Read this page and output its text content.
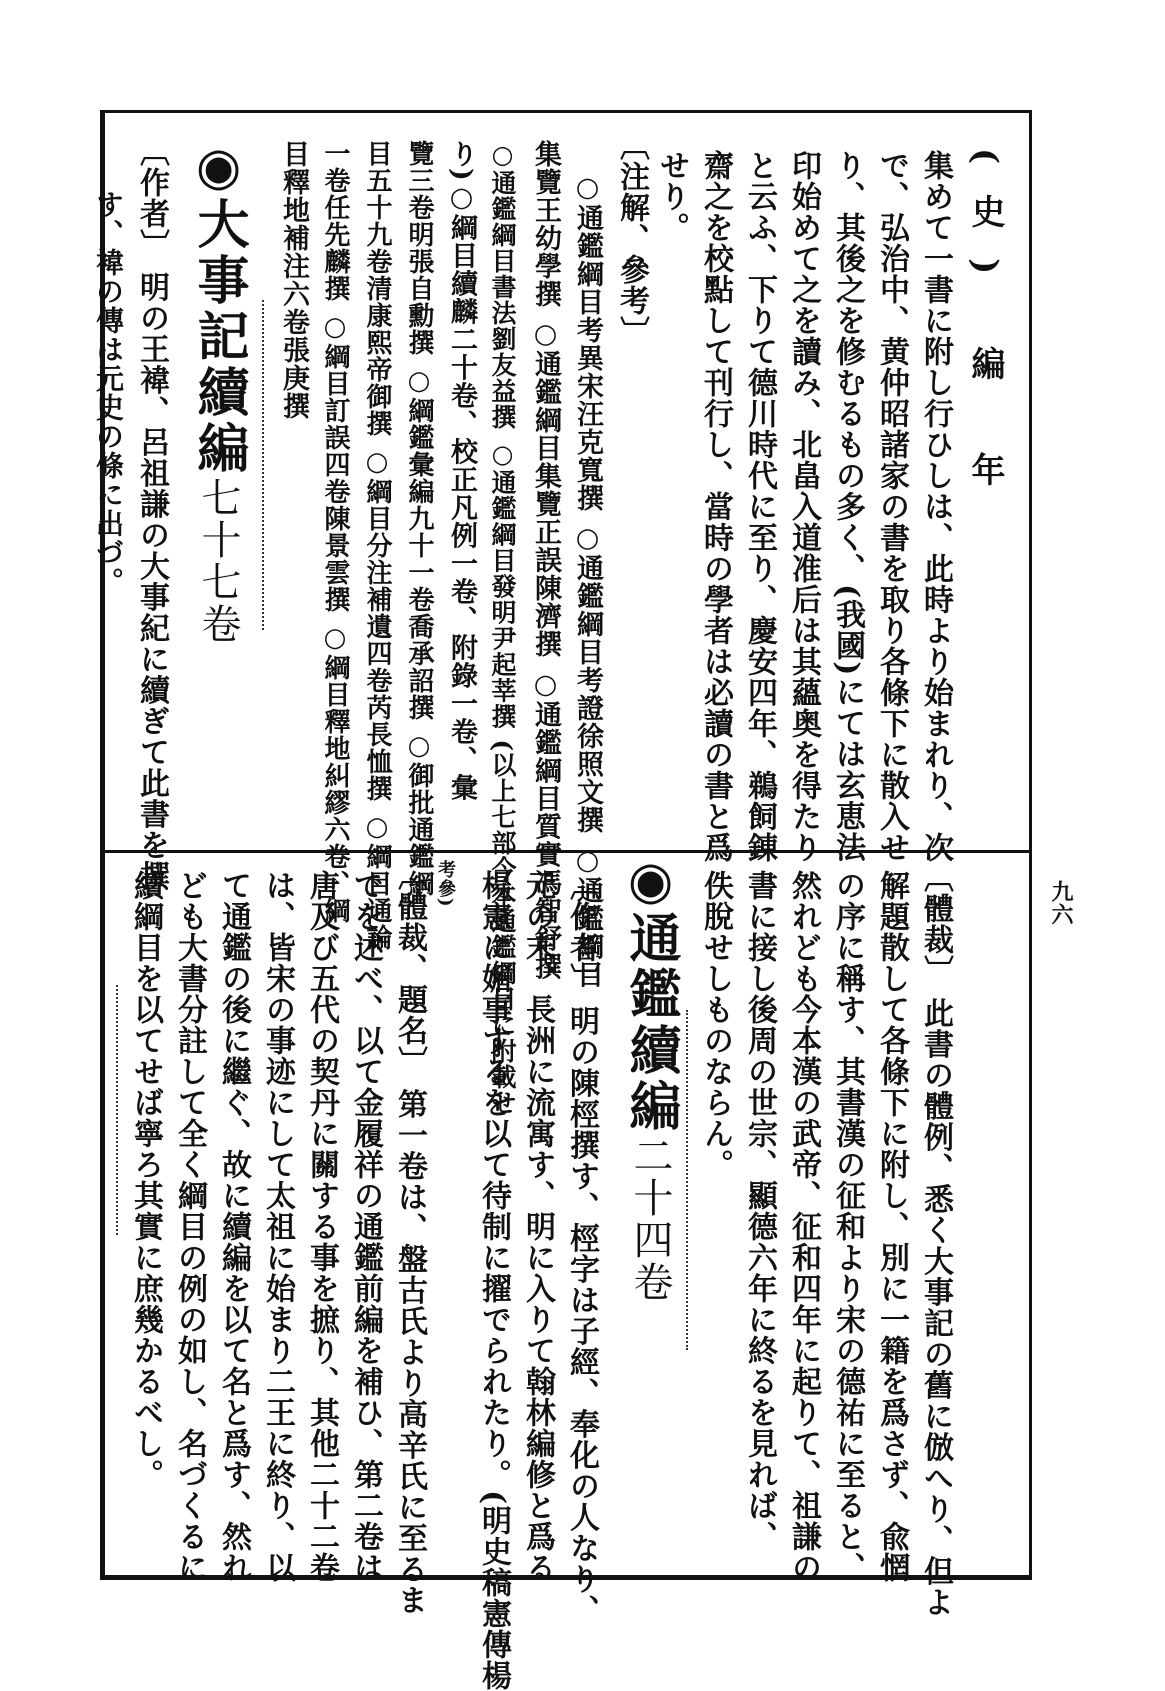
(史) 編 年
九六
集めて一書に附し行ひしは、此時より始まれり、次
で、弘治中、黄仲昭諸家の書を取り各條下に散入せ
り、其後之を修むるもの多く、(我國)にては玄恵法
印始めて之を讀み、北畠入道准后は其蘊奥を得たり
と云ふ、下りて德川時代に至り、慶安四年、鵜飼錬
齋之を校點して刊行し、當時の學者は必讀の書と爲
せり。
〔注解、參考〕
○通鑑綱目考異宋汪克寬撰 ○通鑑綱目考證徐照文撰 ○通鑑綱目
集覽王幼學撰 ○通鑑綱目集覽正誤陳濟撰 ○通鑑綱目質實馮智舒撰
○通鑑綱目書法劉友益撰 ○通鑑綱目發明尹起莘撰 (以上七部今本通鑑綱目に附載せ
り)○綱目續麟二十卷、校正凡例一卷、附錄一卷、彙
覽三卷明張自勳撰 ○綱鑑彙編九十一卷喬承詔撰 ○御批通鑑綱
目五十九卷清康熙帝御撰 ○綱目分注補遺四卷芮長恤撰 ○綱目通論
一卷任先麟撰 ○綱目訂誤四卷陳景雲撰 ○綱目釋地糾繆六卷、綱
目釋地補注六卷張庚撰
◉大事記續編七十七卷
〔作者〕 明の王褘、呂祖謙の大事紀に續ぎて此書を撰
す、褘の傳は元史の條に出づ。
〔體裁〕 此書の體例、悉く大事記の舊に倣へり、但よ
解題散して各條下に附し、別に一籍を爲さず、兪惘
の序に稱す、其書漢の征和より宋の德祐に至ると、
然れども今本漢の武帝、征和四年に起りて、祖謙の
書に接し後周の世宗、顯德六年に終るを見れば、
佚脫せしものならん。
◉通鑑續編二十四卷
〔作者〕 明の陳桱撰す、桱字は子經、奉化の人なり、
元の末、長洲に流寓す、明に入りて翰林編修と爲る
楊憲に媚事するを以て待制に擢でられたり。(明史稿憲傳楊
考參)
〔體裁、題名〕 第一卷は、盤古氏より高辛氏に至るま
でを述べ、以て金履祥の通鑑前編を補ひ、第二卷は
唐及び五代の契丹に關する事を摭り、其他二十二卷
は、皆宋の事迹にして太祖に始まり二王に終り、以
て通鑑の後に繼ぐ、故に續編を以て名と爲す、然れ
ども大書分註して全く綱目の例の如し、名づくるに
續綱目を以てせば寧ろ其實に庶幾かるべし。
